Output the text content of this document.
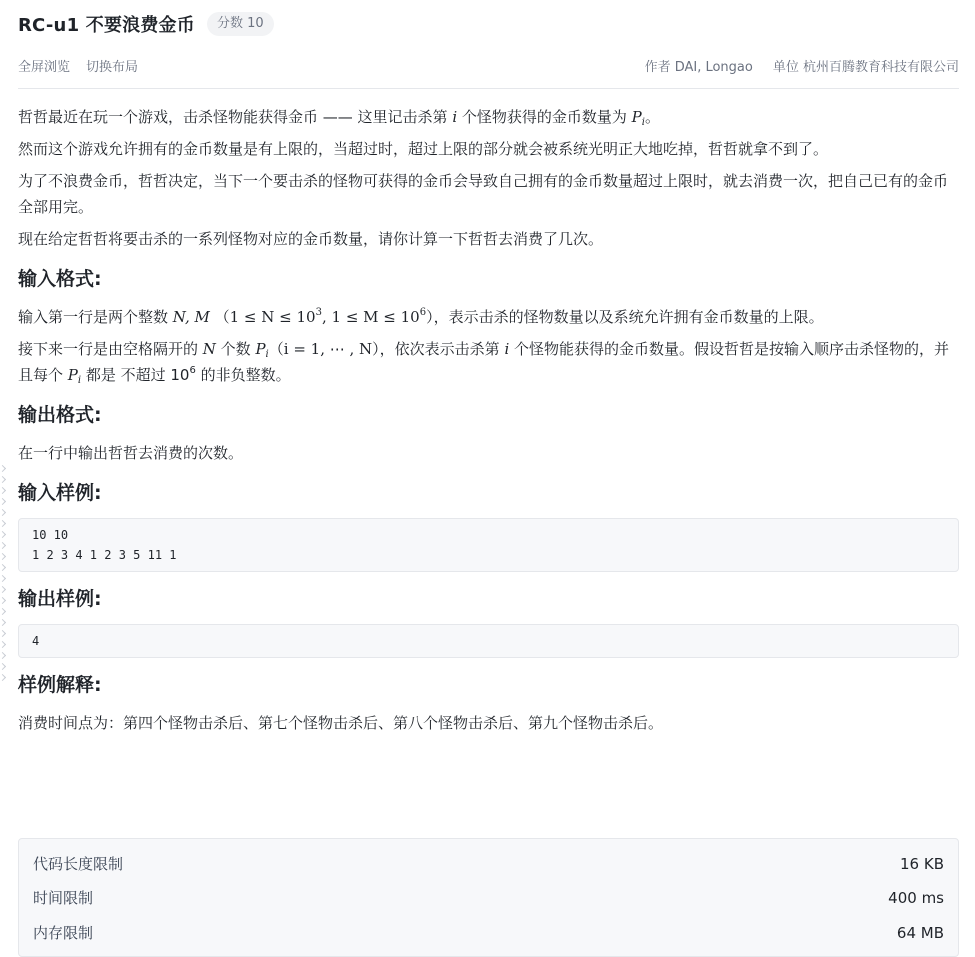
RC-u1 不要浪费金币	分数 10
全屏浏览 切换布局	作者 DAI, Longao 单位 杭州百腾教育科技有限公司

哲哲最近在玩一个游戏，击杀怪物能获得金币 —— 这里记击杀第 i 个怪物获得的金币数量为 $P_i$。

然而这个游戏允许拥有的金币数量是有上限的，当超过时，超过上限的部分就会被系统光明正大地吃掉，哲哲就拿不到了。

为了不浪费金币，哲哲决定，当下一个要击杀的怪物可获得的金币会导致自己拥有的金币数量超过上限时，就去消费一次，把自己已有的金币全部用完。

现在给定哲哲将要击杀的一系列怪物对应的金币数量，请你计算一下哲哲去消费了几次。

输入格式:

输入第一行是两个整数 N, M （$1 \le N \le 10^3$, $1 \le M \le 10^6$），表示击杀的怪物数量以及系统允许拥有金币数量的上限。

接下来一行是由空格隔开的 N 个数 $P_i(i = 1$, ⋯ , N），依次表示击杀第 i 个怪物能获得的金币数量。假设哲哲是按输入顺序击杀怪物的，并且每个 $P_i$ 都是 不超过 $10^6$ 的非负整数。

输出格式:

在一行中输出哲哲去消费的次数。

输入样例:
10 10
1 2 3 4 1 2 3 5 11 1
输出样例:
4
样例解释:

消费时间点为：第四个怪物击杀后、第七个怪物击杀后、第八个怪物击杀后、第九个怪物击杀后。

代码长度限制	16 KB
时间限制	400 ms
内存限制	64 MB
